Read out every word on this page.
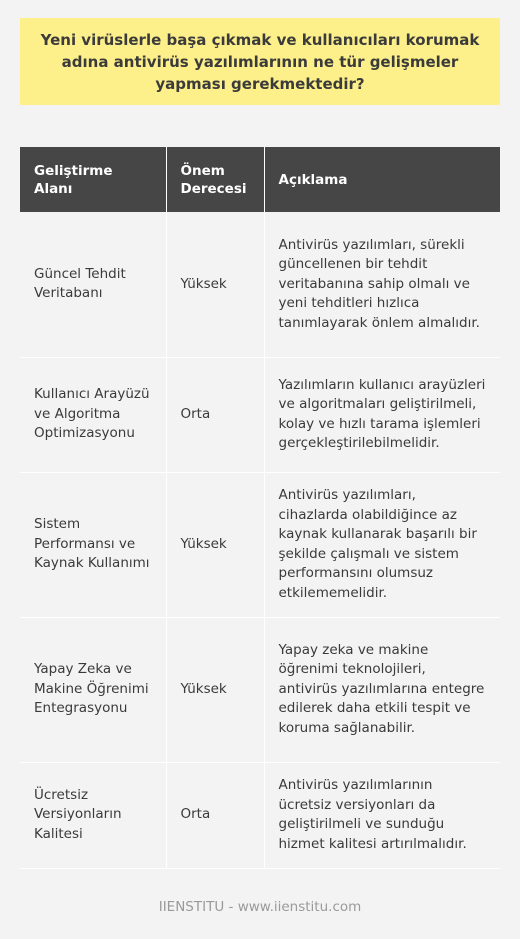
Yeni virüslerle başa çıkmak ve kullanıcıları korumak adına antivirüs yazılımlarının ne tür gelişmeler yapması gerekmektedir?
Geliştirme Alanı	Önem Derecesi	Açıklama
Güncel Tehdit Veritabanı	Yüksek	Antivirüs yazılımları, sürekli güncellenen bir tehdit veritabanına sahip olmalı ve yeni tehditleri hızlıca tanımlayarak önlem almalıdır.
Kullanıcı Arayüzü ve Algoritma Optimizasyonu	Orta	Yazılımların kullanıcı arayüzleri ve algoritmaları geliştirilmeli, kolay ve hızlı tarama işlemleri gerçekleştirilebilmelidir.
Sistem Performansı ve Kaynak Kullanımı	Yüksek	Antivirüs yazılımları, cihazlarda olabildiğince az kaynak kullanarak başarılı bir şekilde çalışmalı ve sistem performansını olumsuz etkilememelidir.
Yapay Zeka ve Makine Öğrenimi Entegrasyonu	Yüksek	Yapay zeka ve makine öğrenimi teknolojileri, antivirüs yazılımlarına entegre edilerek daha etkili tespit ve koruma sağlanabilir.
Ücretsiz Versiyonların Kalitesi	Orta	Antivirüs yazılımlarının ücretsiz versiyonları da geliştirilmeli ve sunduğu hizmet kalitesi artırılmalıdır.
IIENSTITU - www.iienstitu.com
